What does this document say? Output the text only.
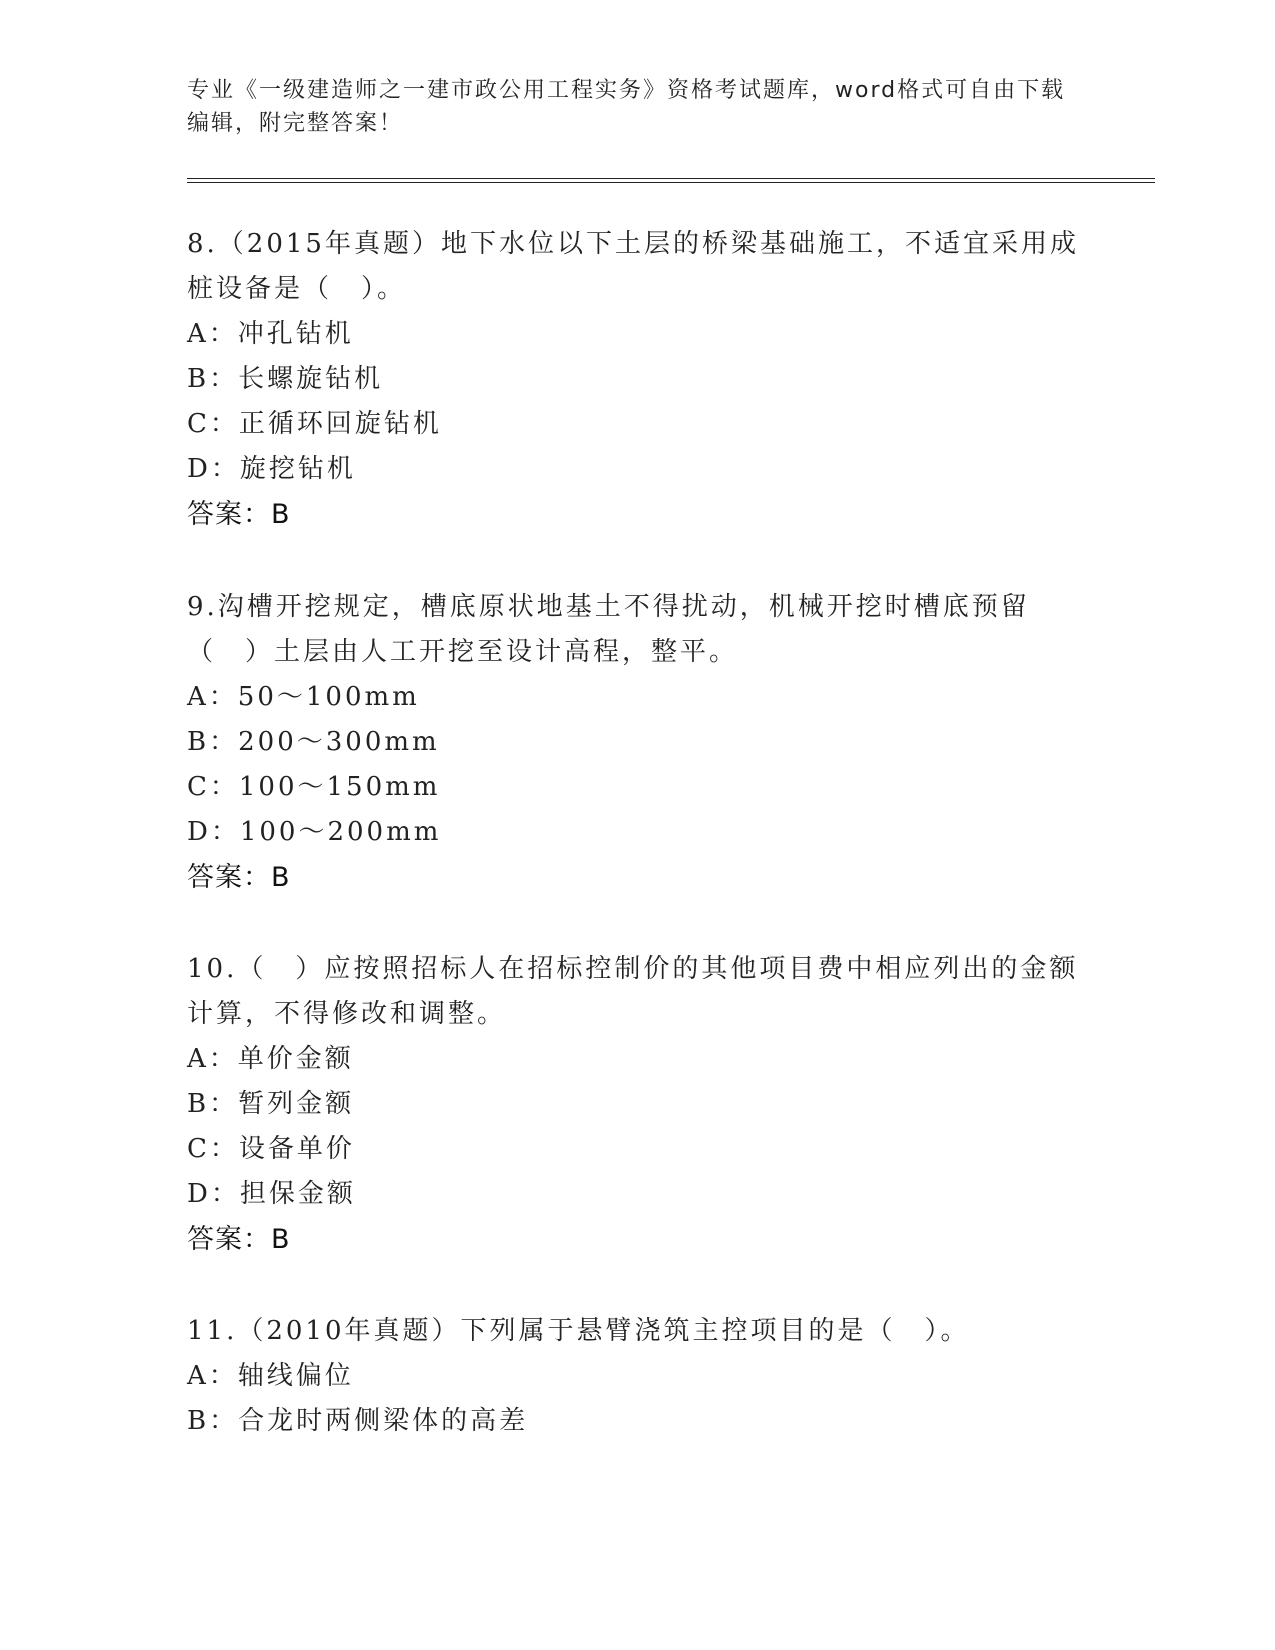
专业《一级建造师之一建市政公用工程实务》资格考试题库，word格式可自由下载编辑，附完整答案！

8.（2015年真题）地下水位以下土层的桥梁基础施工，不适宜采用成桩设备是（　）。

A：冲孔钻机

B：长螺旋钻机

C：正循环回旋钻机

D：旋挖钻机

答案：B

9.沟槽开挖规定，槽底原状地基土不得扰动，机械开挖时槽底预留（　）土层由人工开挖至设计高程，整平。

A：50～100mm

B：200～300mm

C：100～150mm

D：100～200mm

答案：B

10.（　）应按照招标人在招标控制价的其他项目费中相应列出的金额计算，不得修改和调整。

A：单价金额

B：暂列金额

C：设备单价

D：担保金额

答案：B

11.（2010年真题）下列属于悬臂浇筑主控项目的是（　）。

A：轴线偏位

B：合龙时两侧梁体的高差
